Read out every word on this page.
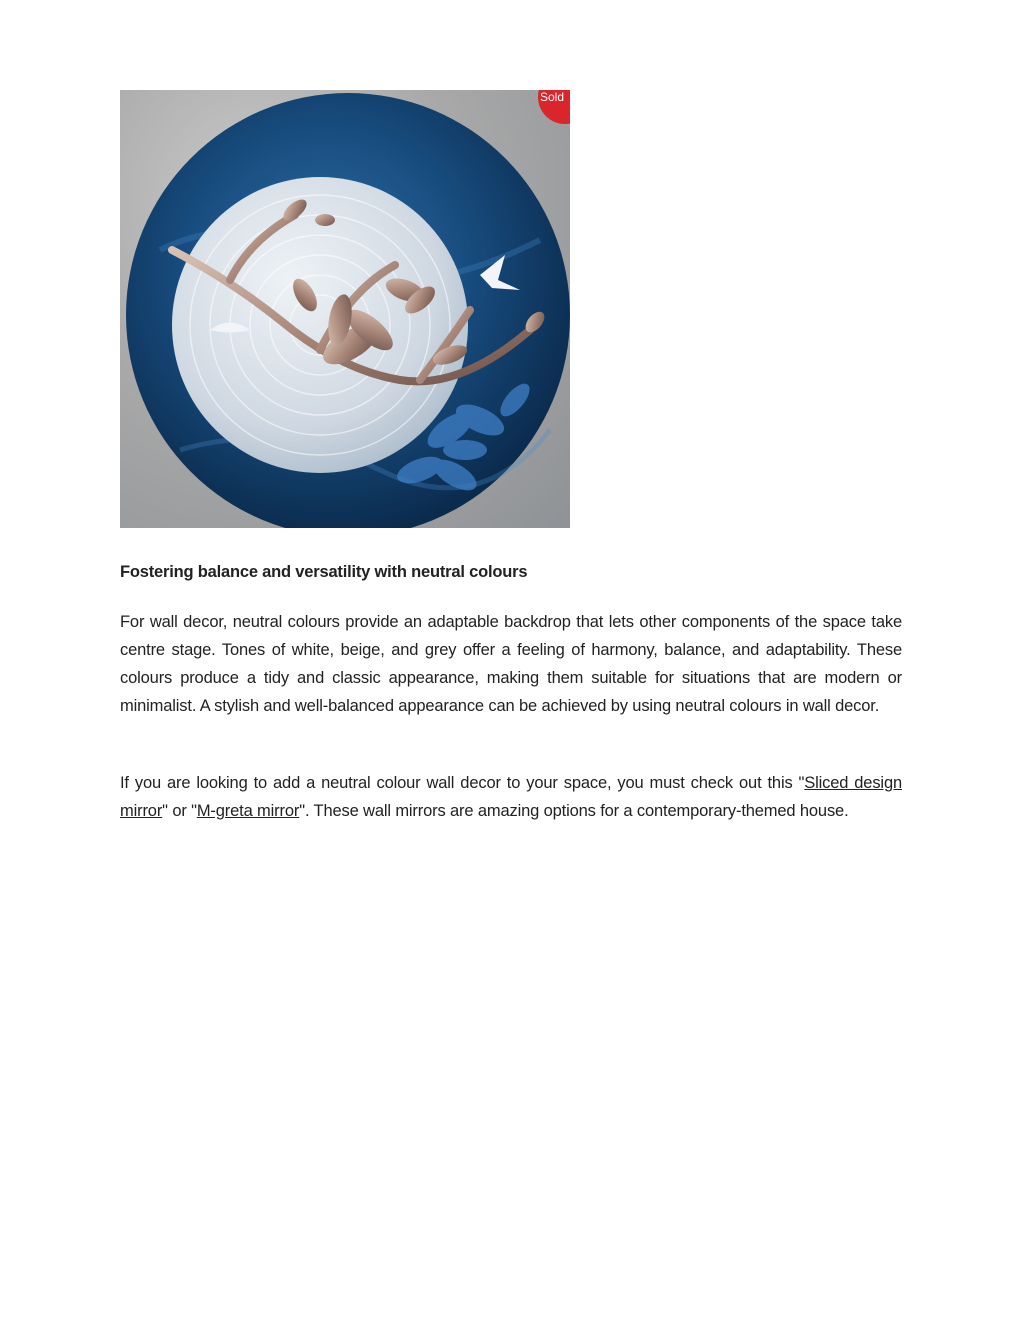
Sold
Fostering balance and versatility with neutral colours

For wall decor, neutral colours provide an adaptable backdrop that lets other components of the space take centre stage. Tones of white, beige, and grey offer a feeling of harmony, balance, and adaptability. These colours produce a tidy and classic appearance, making them suitable for situations that are modern or minimalist. A stylish and well-balanced appearance can be achieved by using neutral colours in wall decor.

If you are looking to add a neutral colour wall decor to your space, you must check out this "Sliced design mirror" or "M-greta mirror". These wall mirrors are amazing options for a contemporary-themed house.
